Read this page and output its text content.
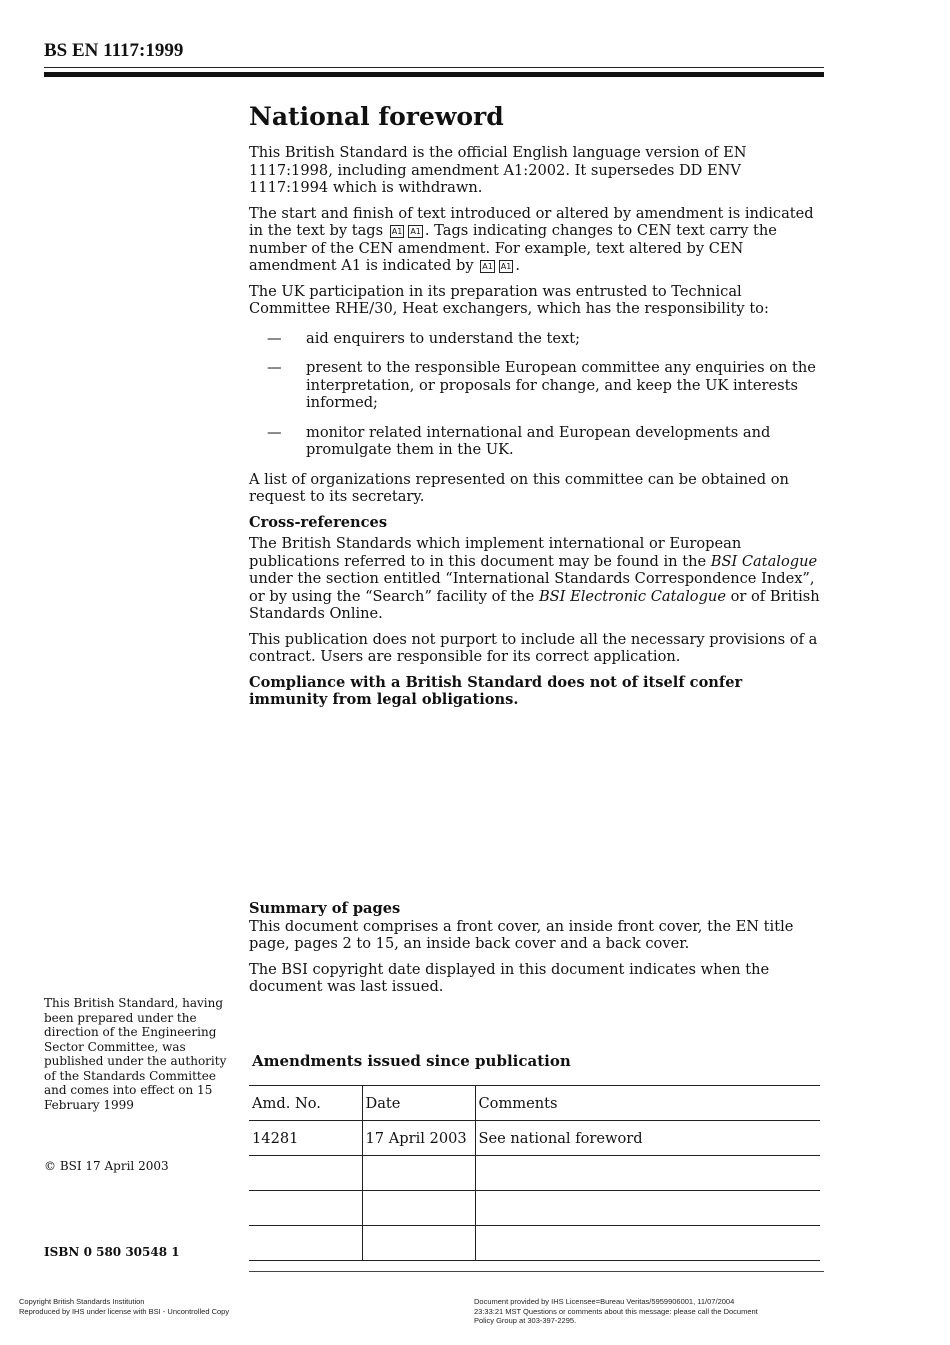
BS EN 1117:1999
National foreword

This British Standard is the official English language version of EN 1117:1998, including amendment A1:2002. It supersedes DD ENV 1117:1994 which is withdrawn.

The start and finish of text introduced or altered by amendment is indicated in the text by tags A1 A1 . Tags indicating changes to CEN text carry the number of the CEN amendment. For example, text altered by CEN amendment A1 is indicated by A1 A1 .

The UK participation in its preparation was entrusted to Technical Committee RHE/30, Heat exchangers, which has the responsibility to:

—	aid enquirers to understand the text;
—	present to the responsible European committee any enquiries on the interpretation, or proposals for change, and keep the UK interests informed;
—	monitor related international and European developments and promulgate them in the UK.

A list of organizations represented on this committee can be obtained on request to its secretary.

Cross-references

The British Standards which implement international or European publications referred to in this document may be found in the BSI Catalogue under the section entitled “International Standards Correspondence Index”, or by using the “Search” facility of the BSI Electronic Catalogue or of British Standards Online.

This publication does not purport to include all the necessary provisions of a contract. Users are responsible for its correct application.

Compliance with a British Standard does not of itself confer immunity from legal obligations.

Summary of pages

This document comprises a front cover, an inside front cover, the EN title page, pages 2 to 15, an inside back cover and a back cover.

The BSI copyright date displayed in this document indicates when the document was last issued.

This British Standard, having been prepared under the direction of the Engineering Sector Committee, was published under the authority of the Standards Committee and comes into effect on 15 February 1999
© BSI 17 April 2003
ISBN 0 580 30548 1
Amendments issued since publication
Amd. No.	Date	Comments
14281	17 April 2003	See national foreword

Copyright British Standards Institution
Reproduced by IHS under license with BSI - Uncontrolled Copy
Document provided by IHS Licensee=Bureau Veritas/5959906001, 11/07/2004
23:33:21 MST Questions or comments about this message: please call the Document
Policy Group at 303-397-2295.
